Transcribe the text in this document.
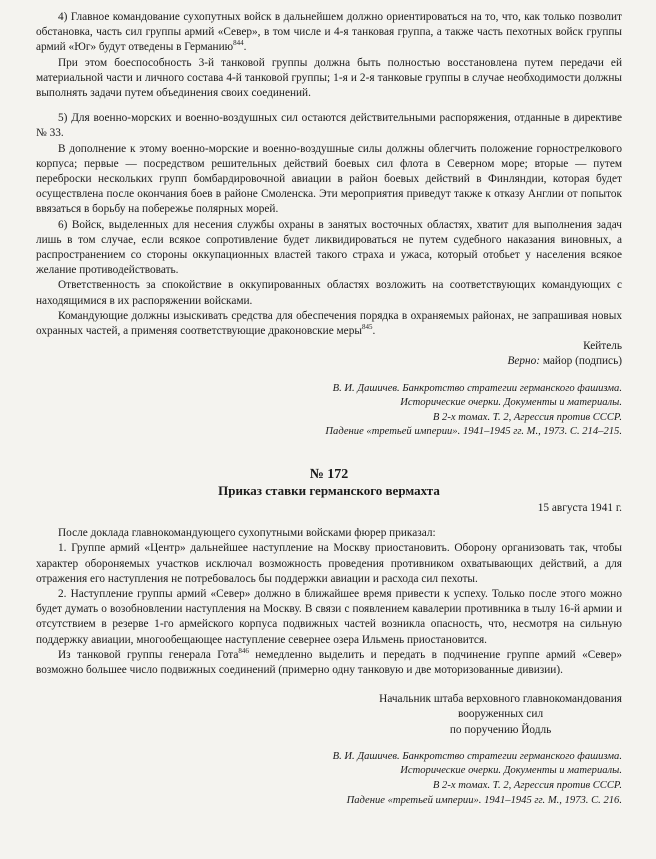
4) Главное командование сухопутных войск в дальнейшем должно ориентироваться на то, что, как только позволит обстановка, часть сил группы армий «Север», в том числе и 4-я танковая группа, а также часть пехотных войск группы армий «Юг» будут отведены в Германию$^{844}$.

При этом боеспособность 3-й танковой группы должна быть полностью восстановлена путем передачи ей материальной части и личного состава 4-й танковой группы; 1-я и 2-я танковые группы в случае необходимости должны выполнять задачи путем объединения своих соединений.

5) Для военно-морских и военно-воздушных сил остаются действительными распоряжения, отданные в директиве № 33.

В дополнение к этому военно-морские и военно-воздушные силы должны облегчить положение горнострелкового корпуса; первые — посредством решительных действий боевых сил флота в Северном море; вторые — путем переброски нескольких групп бомбардировочной авиации в район боевых действий в Финляндии, которая будет осуществлена после окончания боев в районе Смоленска. Эти мероприятия приведут также к отказу Англии от попыток ввязаться в борьбу на побережье полярных морей.

6) Войск, выделенных для несения службы охраны в занятых восточных областях, хватит для выполнения задач лишь в том случае, если всякое сопротивление будет ликвидироваться не путем судебного наказания виновных, а распространением со стороны оккупационных властей такого страха и ужаса, который отобьет у населения всякое желание противодействовать.

Ответственность за спокойствие в оккупированных областях возложить на соответствующих командующих с находящимися в их распоряжении войсками.

Командующие должны изыскивать средства для обеспечения порядка в охраняемых районах, не запрашивая новых охранных частей, а применяя соответствующие драконовские меры$^{845}$.

Кейтель

Верно: майор (подпись)

В. И. Дашичев. Банкротство стратегии германского фашизма.
Исторические очерки. Документы и материалы.
В 2-х томах. Т. 2, Агрессия против СССР.
Падение «третьей империи». 1941–1945 гг. М., 1973. С. 214–215.
№ 172
Приказ ставки германского вермахта
15 августа 1941 г.

После доклада главнокомандующего сухопутными войсками фюрер приказал:

1. Группе армий «Центр» дальнейшее наступление на Москву приостановить. Оборону организовать так, чтобы характер обороняемых участков исключал возможность проведения противником охватывающих действий, а для отражения его наступления не потребовалось бы поддержки авиации и расхода сил пехоты.

2. Наступление группы армий «Север» должно в ближайшее время привести к успеху. Только после этого можно будет думать о возобновлении наступления на Москву. В связи с появлением кавалерии противника в тылу 16-й армии и отсутствием в резерве 1-го армейского корпуса подвижных частей возникла опасность, что, несмотря на сильную поддержку авиации, многообещающее наступление севернее озера Ильмень приостановится.

Из танковой группы генерала Гота$^{846}$ немедленно выделить и передать в подчинение группе армий «Север» возможно большее число подвижных соединений (примерно одну танковую и две моторизованные дивизии).

Начальник штаба верховного главнокомандования
вооруженных сил
по поручению Йодль
В. И. Дашичев. Банкротство стратегии германского фашизма.
Исторические очерки. Документы и материалы.
В 2-х томах. Т. 2, Агрессия против СССР.
Падение «третьей империи». 1941–1945 гг. М., 1973. С. 216.
